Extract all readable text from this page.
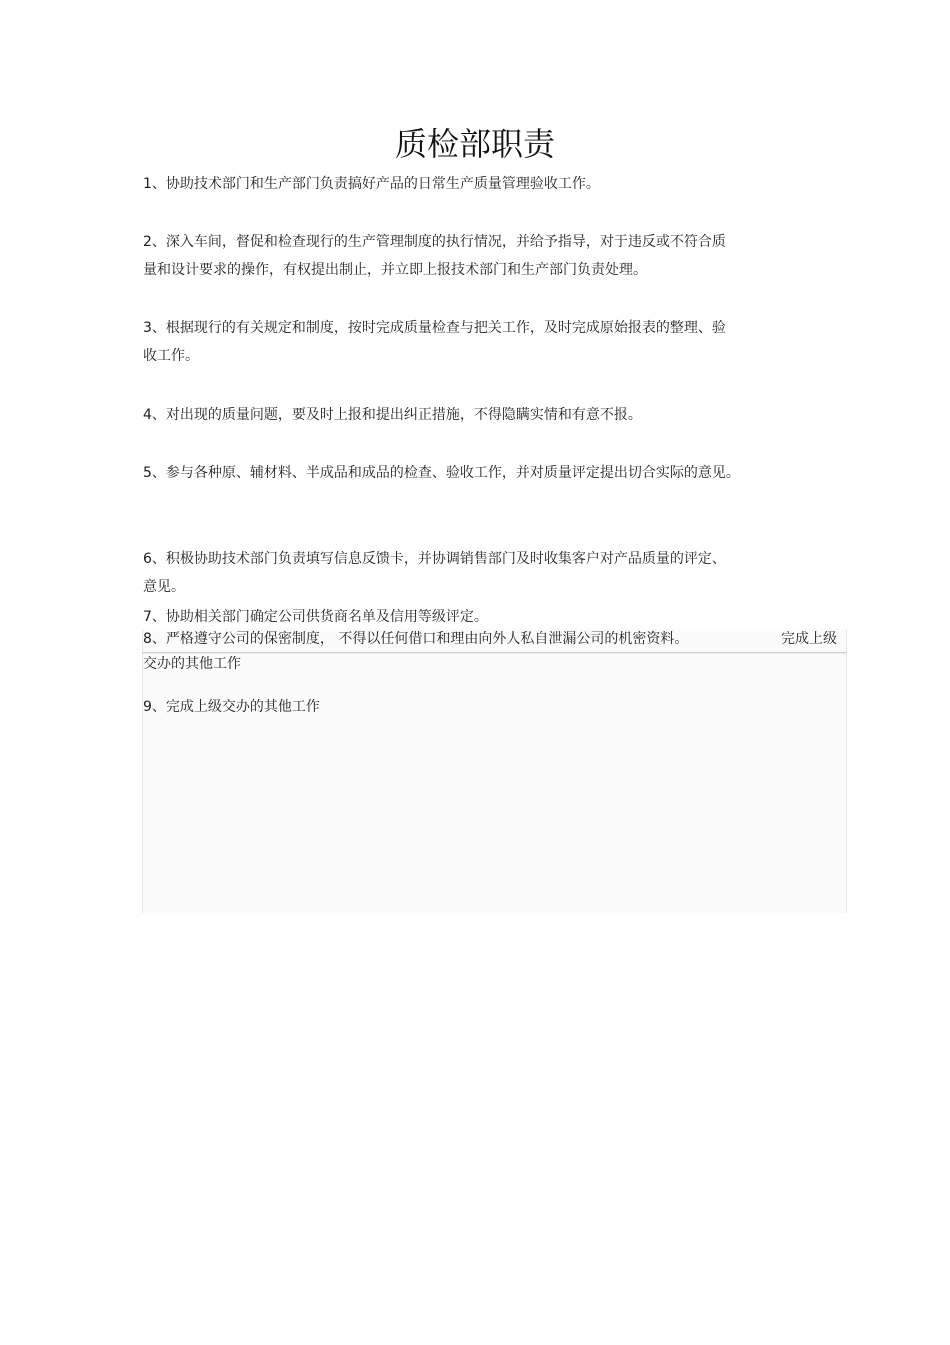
质检部职责
1、协助技术部门和生产部门负责搞好产品的日常生产质量管理验收工作。
2、深入车间，督促和检查现行的生产管理制度的执行情况，并给予指导，对于违反或不符合质
量和设计要求的操作，有权提出制止，并立即上报技术部门和生产部门负责处理。
3、根据现行的有关规定和制度，按时完成质量检查与把关工作，及时完成原始报表的整理、验
收工作。
4、对出现的质量问题，要及时上报和提出纠正措施，不得隐瞒实情和有意不报。
5、参与各种原、辅材料、半成品和成品的检查、验收工作，并对质量评定提出切合实际的意见。
6、积极协助技术部门负责填写信息反馈卡，并协调销售部门及时收集客户对产品质量的评定、
意见。
7、协助相关部门确定公司供货商名单及信用等级评定。
8、严格遵守公司的保密制度， 不得以任何借口和理由向外人私自泄漏公司的机密资料。	完成上级
交办的其他工作
9、完成上级交办的其他工作
